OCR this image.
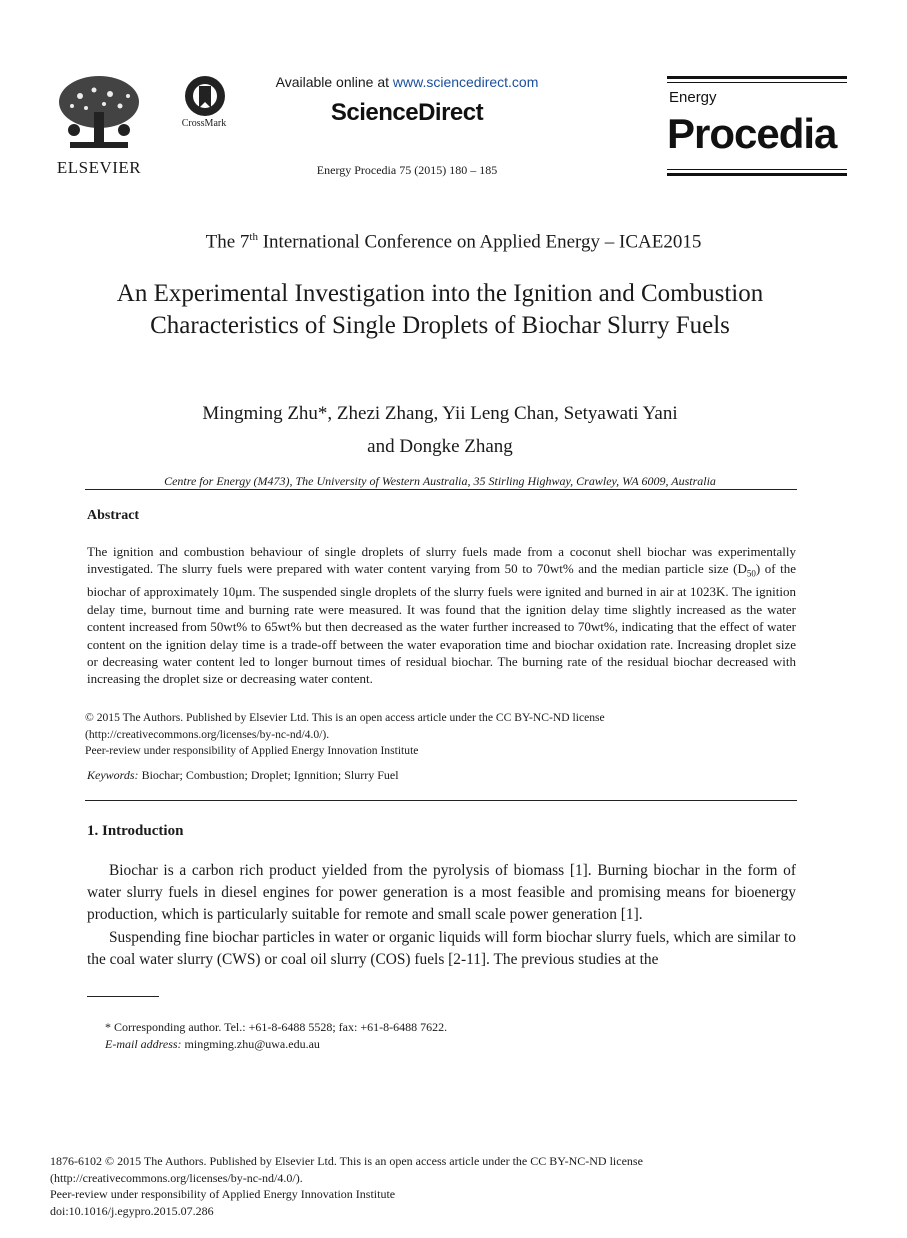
ELSEVIER
CrossMark
Available online at www.sciencedirect.com
ScienceDirect
Energy Procedia 75 (2015) 180 – 185
Energy
Procedia
The 7th International Conference on Applied Energy – ICAE2015
An Experimental Investigation into the Ignition and Combustion Characteristics of Single Droplets of Biochar Slurry Fuels
Mingming Zhu*, Zhezi Zhang, Yii Leng Chan, Setyawati Yani
and Dongke Zhang
Centre for Energy (M473), The University of Western Australia, 35 Stirling Highway, Crawley, WA 6009, Australia
Abstract
The ignition and combustion behaviour of single droplets of slurry fuels made from a coconut shell biochar was experimentally investigated. The slurry fuels were prepared with water content varying from 50 to 70wt% and the median particle size $(D_{50})$ of the biochar of approximately 10μm. The suspended single droplets of the slurry fuels were ignited and burned in air at 1023K. The ignition delay time, burnout time and burning rate were measured. It was found that the ignition delay time slightly increased as the water content increased from 50wt% to 65wt% but then decreased as the water further increased to 70wt%, indicating that the effect of water content on the ignition delay time is a trade-off between the water evaporation time and biochar oxidation rate. Increasing droplet size or decreasing water content led to longer burnout times of residual biochar. The burning rate of the residual biochar decreased with increasing the droplet size or decreasing water content.
© 2015 The Authors. Published by Elsevier Ltd. This is an open access article under the CC BY-NC-ND license
(http://creativecommons.org/licenses/by-nc-nd/4.0/).
Peer-review under responsibility of Applied Energy Innovation Institute
Keywords: Biochar; Combustion; Droplet; Ignnition; Slurry Fuel
1. Introduction

Biochar is a carbon rich product yielded from the pyrolysis of biomass [1]. Burning biochar in the form of water slurry fuels in diesel engines for power generation is a most feasible and promising means for bioenergy production, which is particularly suitable for remote and small scale power generation [1].

Suspending fine biochar particles in water or organic liquids will form biochar slurry fuels, which are similar to the coal water slurry (CWS) or coal oil slurry (COS) fuels [2-11]. The previous studies at the

* Corresponding author. Tel.: +61-8-6488 5528; fax: +61-8-6488 7622.
E-mail address: mingming.zhu@uwa.edu.au
1876-6102 © 2015 The Authors. Published by Elsevier Ltd. This is an open access article under the CC BY-NC-ND license
(http://creativecommons.org/licenses/by-nc-nd/4.0/).
Peer-review under responsibility of Applied Energy Innovation Institute
doi:10.1016/j.egypro.2015.07.286
